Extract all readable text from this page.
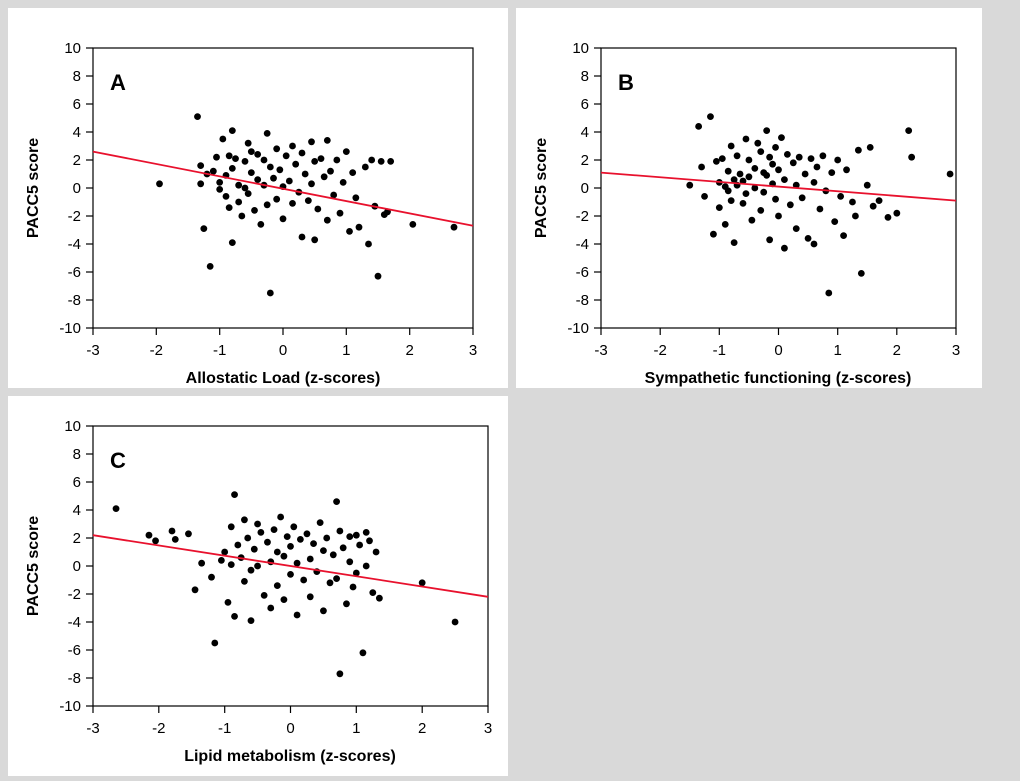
10
8
6
4
2
0
-2
-4
-6
-8
-10
-3	-2	-1	0	1	2	3
A
Allostatic Load (z-scores)
PACC5 score
10
8
6
4
2
0
-2
-4
-6
-8
-10
-3	-2	-1	0	1	2	3
B
Sympathetic functioning (z-scores)
PACC5 score
10
8
6
4
2
0
-2
-4
-6
-8
-10
-3	-2	-1	0	1	2	3
C
Lipid metabolism (z-scores)
PACC5 score
